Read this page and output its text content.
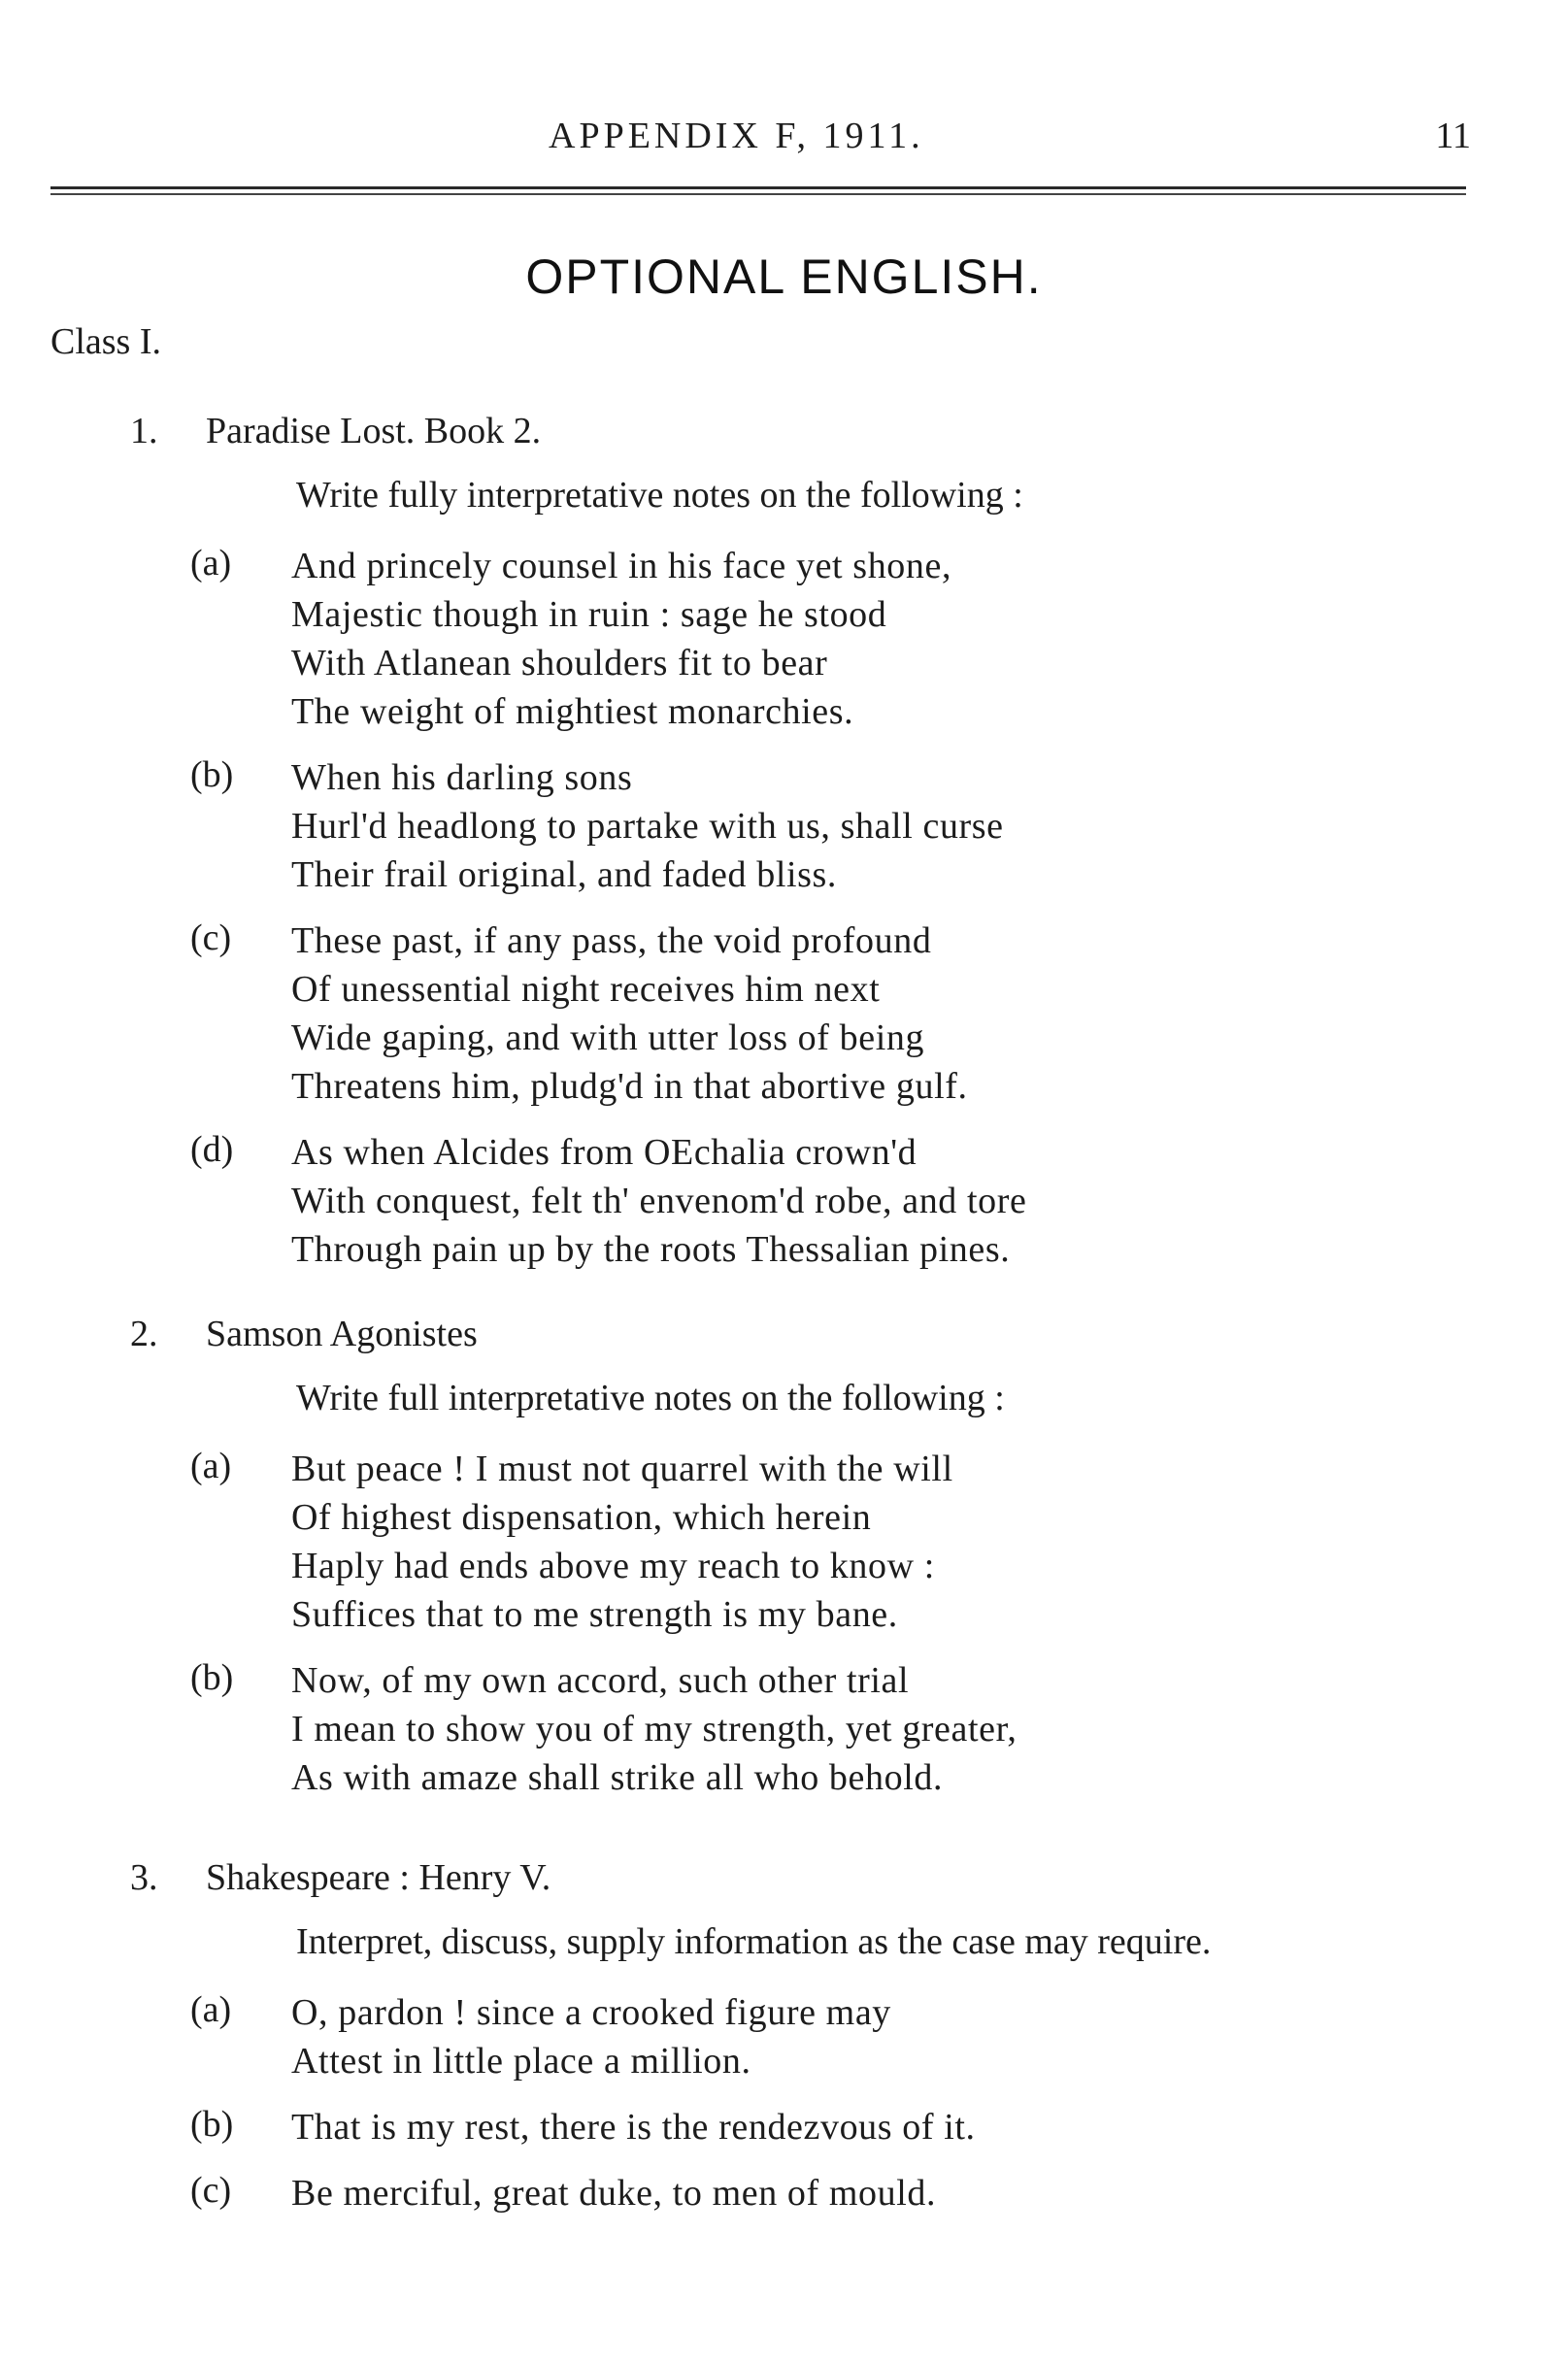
APPENDIX F, 1911.	11
OPTIONAL ENGLISH.
Class I.
1. Paradise Lost. Book 2.
Write fully interpretative notes on the following :
(a) And princely counsel in his face yet shone,
Majestic though in ruin : sage he stood
With Atlanean shoulders fit to bear
The weight of mightiest monarchies.
(b) When his darling sons
Hurl'd headlong to partake with us, shall curse
Their frail original, and faded bliss.
(c) These past, if any pass, the void profound
Of unessential night receives him next
Wide gaping, and with utter loss of being
Threatens him, pludg'd in that abortive gulf.
(d) As when Alcides from OEchalia crown'd
With conquest, felt th' envenom'd robe, and tore
Through pain up by the roots Thessalian pines.
2. Samson Agonistes
Write full interpretative notes on the following :
(a) But peace ! I must not quarrel with the will
Of highest dispensation, which herein
Haply had ends above my reach to know :
Suffices that to me strength is my bane.
(b) Now, of my own accord, such other trial
I mean to show you of my strength, yet greater,
As with amaze shall strike all who behold.
3. Shakespeare : Henry V.
Interpret, discuss, supply information as the case may require.
(a) O, pardon ! since a crooked figure may
Attest in little place a million.
(b) That is my rest, there is the rendezvous of it.
(c) Be merciful, great duke, to men of mould.
